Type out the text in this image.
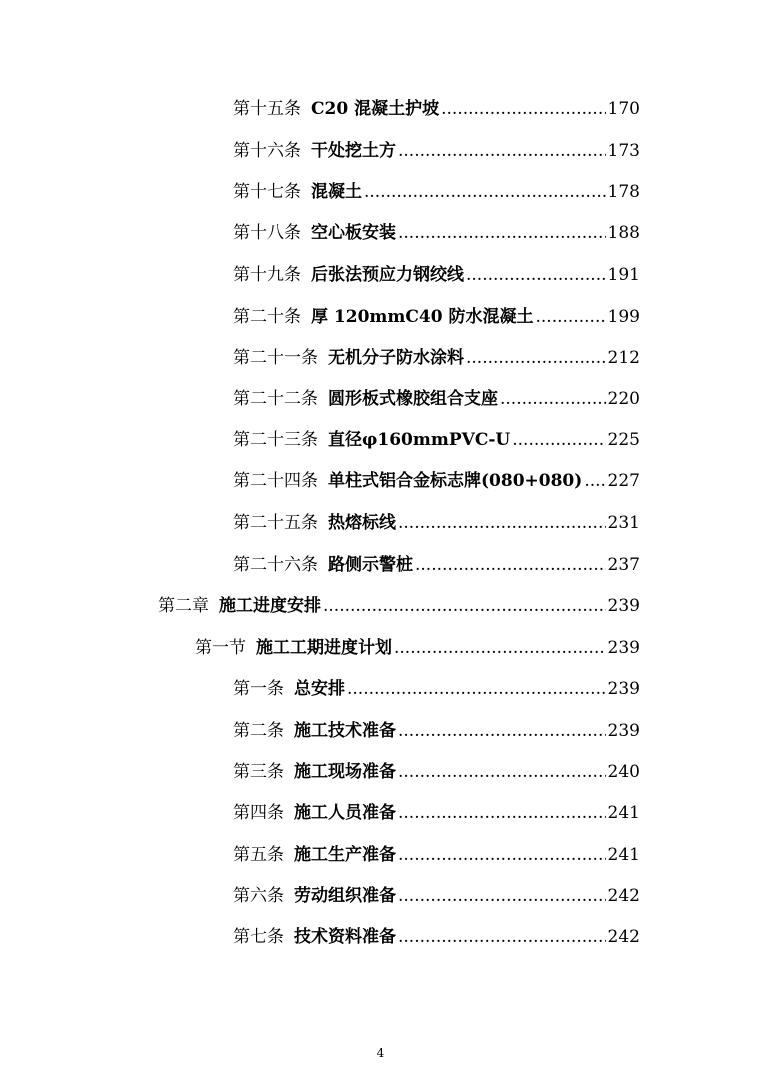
第十五条 C20 混凝土护坡 .....	170
第十六条 干处挖土方 .....	173
第十七条 混凝土 .....	178
第十八条 空心板安装 .....	188
第十九条 后张法预应力钢绞线 .....	191
第二十条 厚 120mmC40 防水混凝土 .....	199
第二十一条 无机分子防水涂料 .....	212
第二十二条 圆形板式橡胶组合支座 .....	220
第二十三条 直径φ160mmPVC-U .....	225
第二十四条 单柱式铝合金标志牌(080+080) ..... 227
第二十五条 热熔标线 .....	231
第二十六条 路侧示警桩 .....	237
第二章 施工进度安排 .....	239
第一节 施工工期进度计划 .....	239
第一条 总安排 .....	239
第二条 施工技术准备 .....	239
第三条 施工现场准备 .....	240
第四条 施工人员准备 .....	241
第五条 施工生产准备 .....	241
第六条 劳动组织准备 .....	242
第七条 技术资料准备 .....	242
4
